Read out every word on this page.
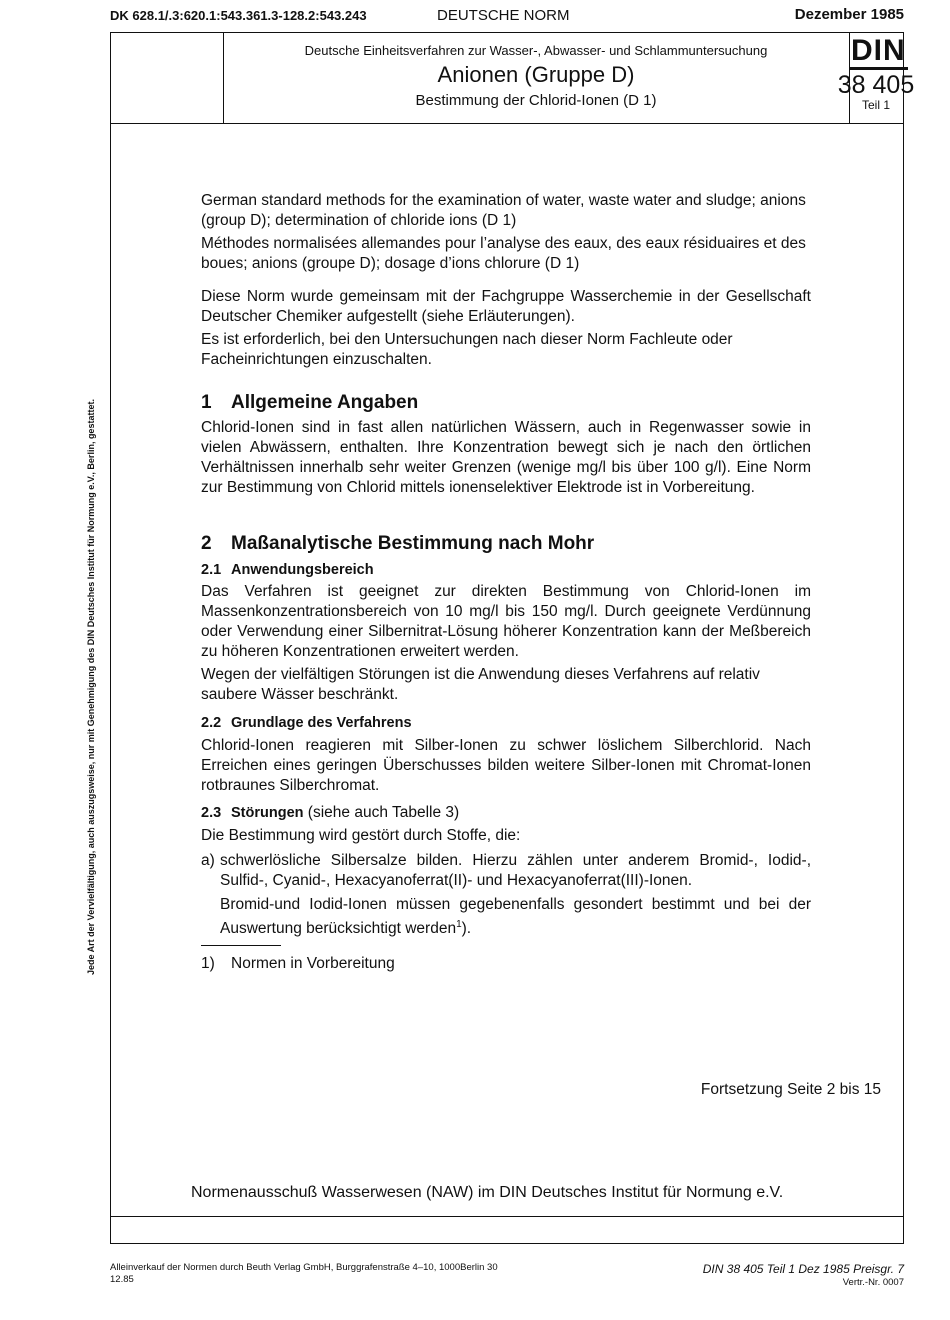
DK 628.1/.3:620.1:543.361.3-128.2:543.243	DEUTSCHE NORM	Dezember 1985
Deutsche Einheitsverfahren zur Wasser-, Abwasser- und Schlammuntersuchung
Anionen (Gruppe D)
Bestimmung der Chlorid-Ionen (D 1)
DIN
38 405
Teil 1

German standard methods for the examination of water, waste water and sludge; anions (group D); determination of chloride ions (D 1)

Méthodes normalisées allemandes pour l’analyse des eaux, des eaux résiduaires et des boues; anions (groupe D); dosage d’ions chlorure (D 1)

Diese Norm wurde gemeinsam mit der Fachgruppe Wasserchemie in der Gesellschaft Deutscher Chemiker aufgestellt (siehe Erläuterungen).

Es ist erforderlich, bei den Untersuchungen nach dieser Norm Fachleute oder Facheinrichtungen einzuschalten.

1 Allgemeine Angaben

Chlorid-Ionen sind in fast allen natürlichen Wässern, auch in Regenwasser sowie in vielen Abwässern, enthalten. Ihre Konzentration bewegt sich je nach den örtlichen Verhältnissen innerhalb sehr weiter Grenzen (wenige mg/l bis über 100 g/l). Eine Norm zur Bestimmung von Chlorid mittels ionenselektiver Elektrode ist in Vorbereitung.

2 Maßanalytische Bestimmung nach Mohr
2.1 Anwendungsbereich

Das Verfahren ist geeignet zur direkten Bestimmung von Chlorid-Ionen im Massenkonzentrationsbereich von 10 mg/l bis 150 mg/l. Durch geeignete Verdünnung oder Verwendung einer Silbernitrat-Lösung höherer Konzentration kann der Meßbereich zu höheren Konzentrationen erweitert werden.

Wegen der vielfältigen Störungen ist die Anwendung dieses Verfahrens auf relativ saubere Wässer beschränkt.

2.2 Grundlage des Verfahrens

Chlorid-Ionen reagieren mit Silber-Ionen zu schwer löslichem Silberchlorid. Nach Erreichen eines geringen Überschusses bilden weitere Silber-Ionen mit Chromat-Ionen rotbraunes Silberchromat.

2.3 Störungen (siehe auch Tabelle 3)

Die Bestimmung wird gestört durch Stoffe, die:

a) schwerlösliche Silbersalze bilden. Hierzu zählen unter anderem Bromid-, Iodid-, Sulfid-, Cyanid-, Hexacyanoferrat(II)- und Hexacyanoferrat(III)-Ionen.

Bromid-und Iodid-Ionen müssen gegebenenfalls gesondert bestimmt und bei der Auswertung berücksichtigt werden$^1$).

1) Normen in Vorbereitung
Fortsetzung Seite 2 bis 15
Normenausschuß Wasserwesen (NAW) im DIN Deutsches Institut für Normung e.V.
Jede Art der Vervielfältigung, auch auszugsweise, nur mit Genehmigung des DIN Deutsches Institut für Normung e.V., Berlin, gestattet.
Alleinverkauf der Normen durch Beuth Verlag GmbH, Burggrafenstraße 4–10, 1000Berlin 30
12.85
DIN 38 405 Teil 1 Dez 1985 Preisgr. 7
Vertr.-Nr. 0007
